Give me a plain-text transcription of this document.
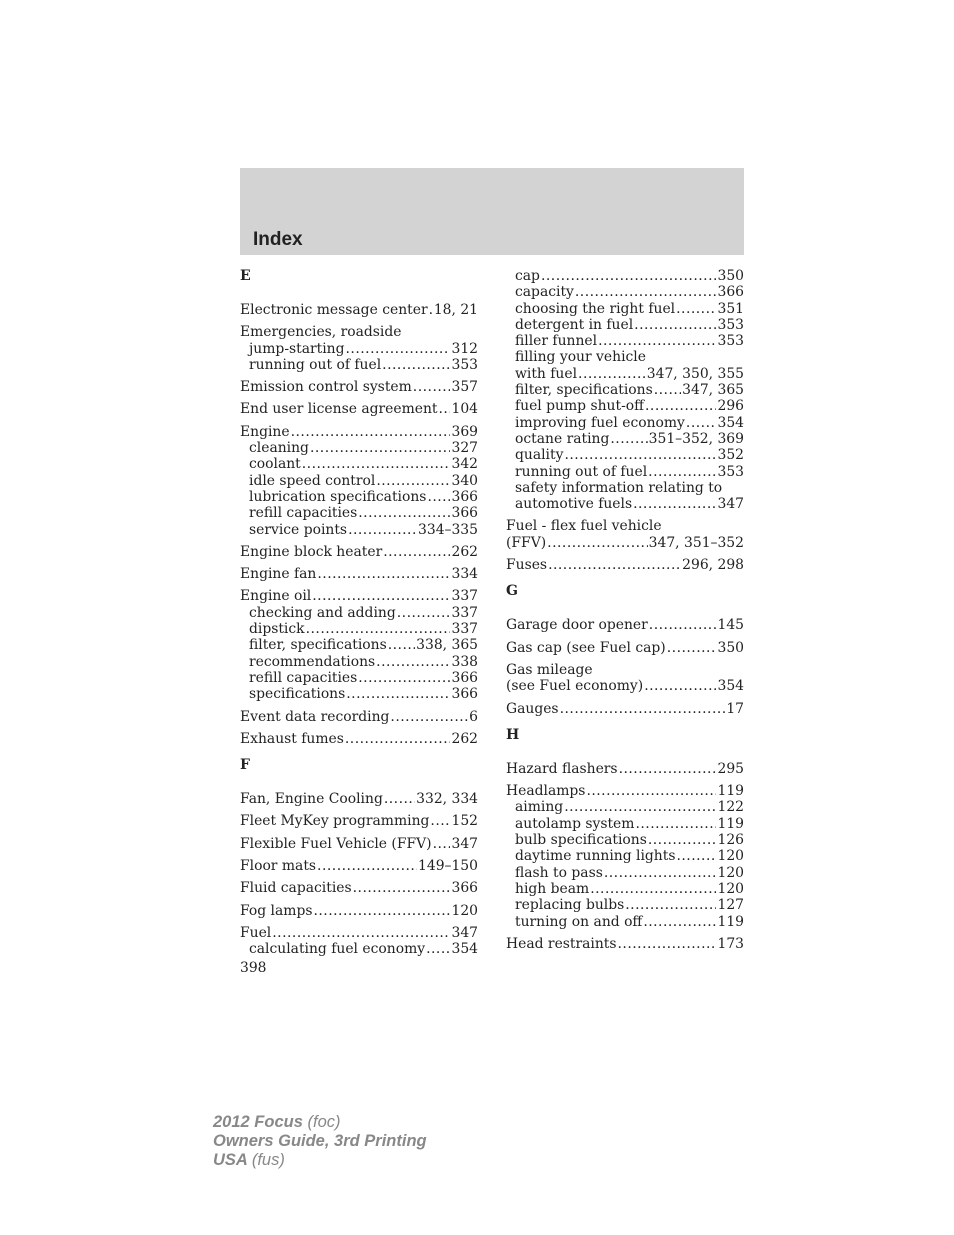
Index
E
Electronic message center ..... 18, 21
Emergencies, roadside
jump-starting .....	312
running out of fuel .....	353
Emission control system .....	357
End user license agreement ..... 104
Engine .....	369
cleaning .....	327
coolant .....	342
idle speed control .....	340
lubrication specifications ..... 366
refill capacities .....	366
service points .....	334–335
Engine block heater .....	262
Engine fan .....	334
Engine oil .....	337
checking and adding .....	337
dipstick .....	337
filter, specifications ..... 338, 365
recommendations .....	338
refill capacities .....	366
specifications .....	366
Event data recording .....	6
Exhaust fumes .....	262
F
Fan, Engine Cooling ..... 332, 334
Fleet MyKey programming ..... 152
Flexible Fuel Vehicle (FFV) ..... 347
Floor mats .....	149–150
Fluid capacities .....	366
Fog lamps .....	120
Fuel .....	347
calculating fuel economy ..... 354
cap .....	350
capacity .....	366
choosing the right fuel .....	351
detergent in fuel .....	353
filler funnel .....	353
filling your vehicle
with fuel .....	347, 350, 355
filter, specifications ..... 347, 365
fuel pump shut-off .....	296
improving fuel economy ..... 354
octane rating .....	351–352, 369
quality .....	352
running out of fuel .....	353
safety information relating to
automotive fuels .....	347
Fuel - flex fuel vehicle
(FFV) .....	347, 351–352
Fuses .....	296, 298
G
Garage door opener .....	145
Gas cap (see Fuel cap) .....	350
Gas mileage
(see Fuel economy) .....	354
Gauges .....	17
H
Hazard flashers .....	295
Headlamps .....	119
aiming .....	122
autolamp system .....	119
bulb specifications .....	126
daytime running lights .....	120
flash to pass .....	120
high beam .....	120
replacing bulbs .....	127
turning on and off .....	119
Head restraints .....	173
398
2012 Focus (foc)
Owners Guide, 3rd Printing
USA (fus)
